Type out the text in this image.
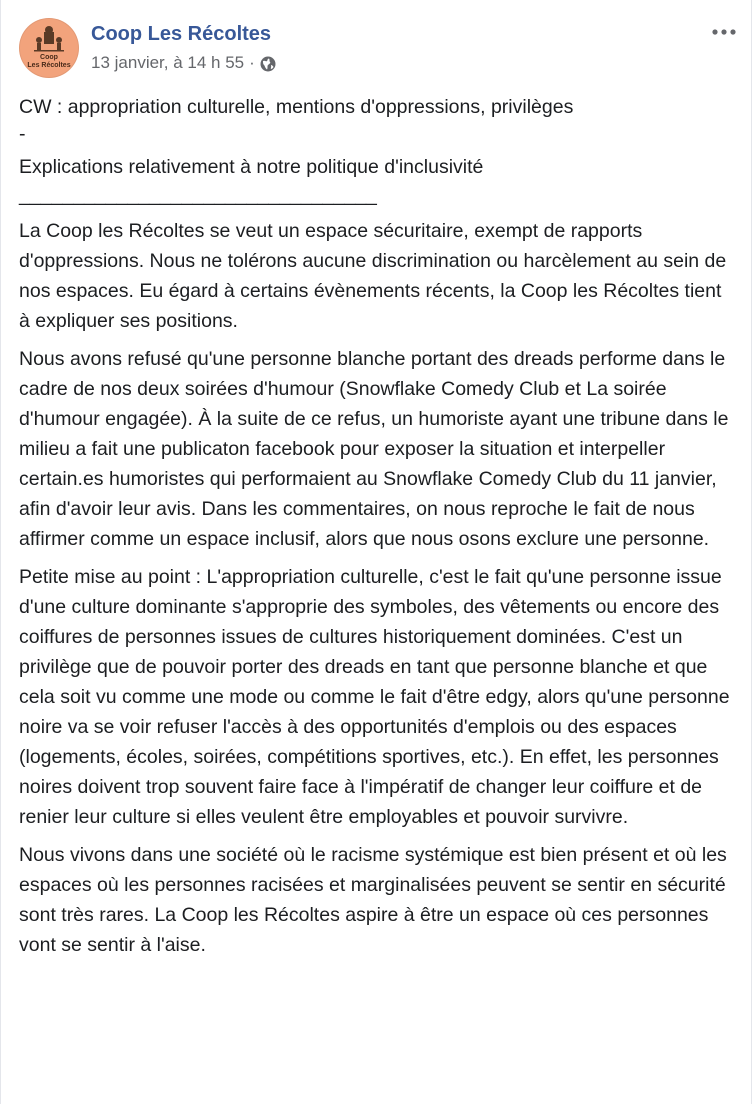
Coop
Les Récoltes
Coop Les Récoltes
13 janvier, à 14 h 55 ·

CW : appropriation culturelle, mentions d'oppressions, privilèges

-

Explications relativement à notre politique d'inclusivité

_________________________________

La Coop les Récoltes se veut un espace sécuritaire, exempt de rapports d'oppressions. Nous ne tolérons aucune discrimination ou harcèlement au sein de nos espaces. Eu égard à certains évènements récents, la Coop les Récoltes tient à expliquer ses positions.

Nous avons refusé qu'une personne blanche portant des dreads performe dans le cadre de nos deux soirées d'humour (Snowflake Comedy Club et La soirée d'humour engagée). À la suite de ce refus, un humoriste ayant une tribune dans le milieu a fait une publicaton facebook pour exposer la situation et interpeller certain.es humoristes qui performaient au Snowflake Comedy Club du 11 janvier, afin d'avoir leur avis. Dans les commentaires, on nous reproche le fait de nous affirmer comme un espace inclusif, alors que nous osons exclure une personne.

Petite mise au point : L'appropriation culturelle, c'est le fait qu'une personne issue d'une culture dominante s'approprie des symboles, des vêtements ou encore des coiffures de personnes issues de cultures historiquement dominées. C'est un privilège que de pouvoir porter des dreads en tant que personne blanche et que cela soit vu comme une mode ou comme le fait d'être edgy, alors qu'une personne noire va se voir refuser l'accès à des opportunités d'emplois ou des espaces (logements, écoles, soirées, compétitions sportives, etc.). En effet, les personnes noires doivent trop souvent faire face à l'impératif de changer leur coiffure et de renier leur culture si elles veulent être employables et pouvoir survivre.

Nous vivons dans une société où le racisme systémique est bien présent et où les espaces où les personnes racisées et marginalisées peuvent se sentir en sécurité sont très rares. La Coop les Récoltes aspire à être un espace où ces personnes vont se sentir à l'aise.
